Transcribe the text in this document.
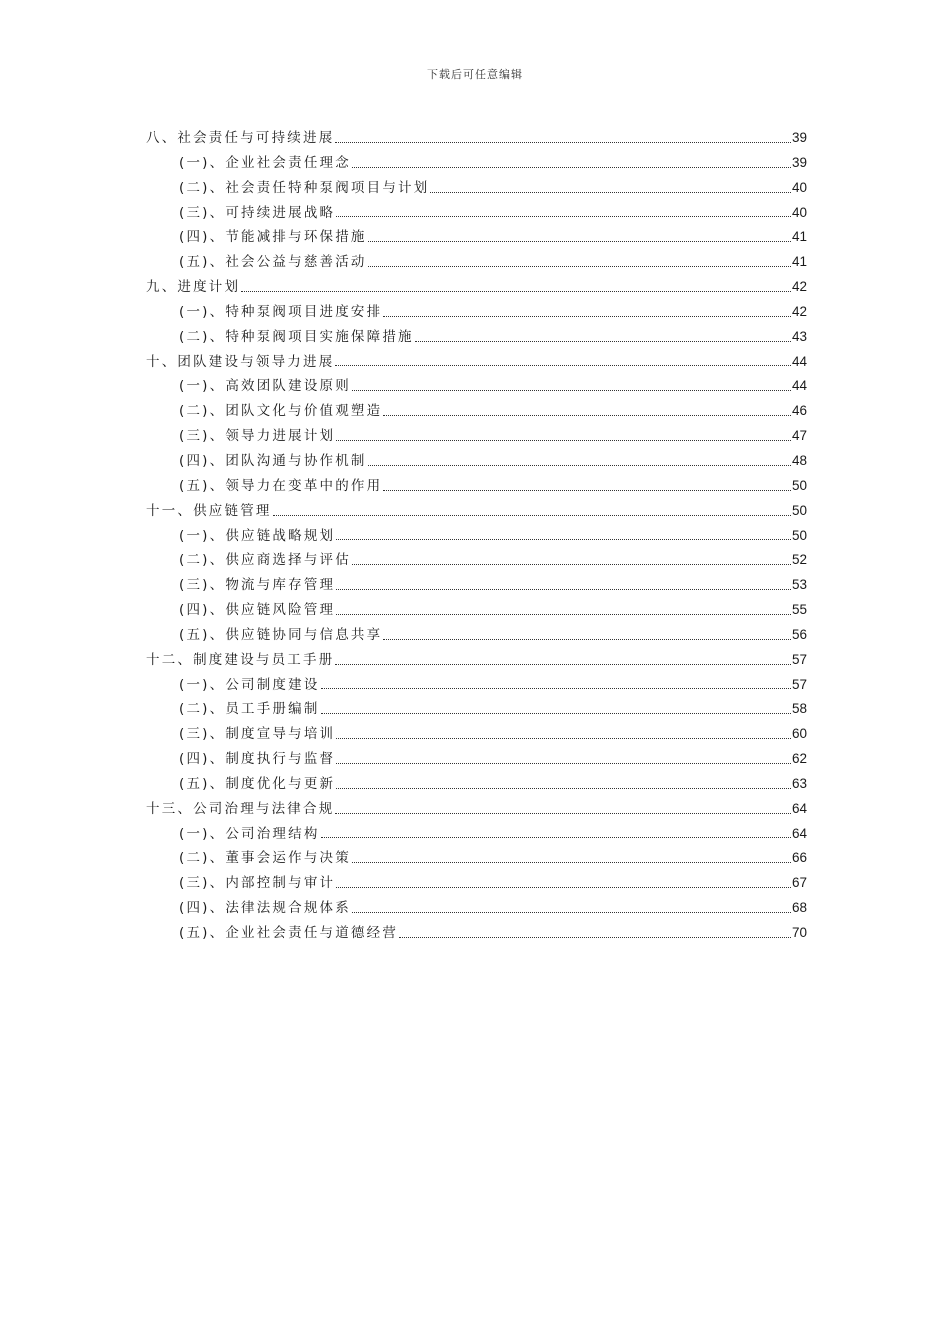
下载后可任意编辑
八、社会责任与可持续进展	39
(一)、企业社会责任理念	39
(二)、社会责任特种泵阀项目与计划	40
(三)、可持续进展战略	40
(四)、节能减排与环保措施	41
(五)、社会公益与慈善活动	41
九、进度计划	42
(一)、特种泵阀项目进度安排	42
(二)、特种泵阀项目实施保障措施	43
十、团队建设与领导力进展	44
(一)、高效团队建设原则	44
(二)、团队文化与价值观塑造	46
(三)、领导力进展计划	47
(四)、团队沟通与协作机制	48
(五)、领导力在变革中的作用	50
十一、供应链管理	50
(一)、供应链战略规划	50
(二)、供应商选择与评估	52
(三)、物流与库存管理	53
(四)、供应链风险管理	55
(五)、供应链协同与信息共享	56
十二、制度建设与员工手册	57
(一)、公司制度建设	57
(二)、员工手册编制	58
(三)、制度宣导与培训	60
(四)、制度执行与监督	62
(五)、制度优化与更新	63
十三、公司治理与法律合规	64
(一)、公司治理结构	64
(二)、董事会运作与决策	66
(三)、内部控制与审计	67
(四)、法律法规合规体系	68
(五)、企业社会责任与道德经营	70
